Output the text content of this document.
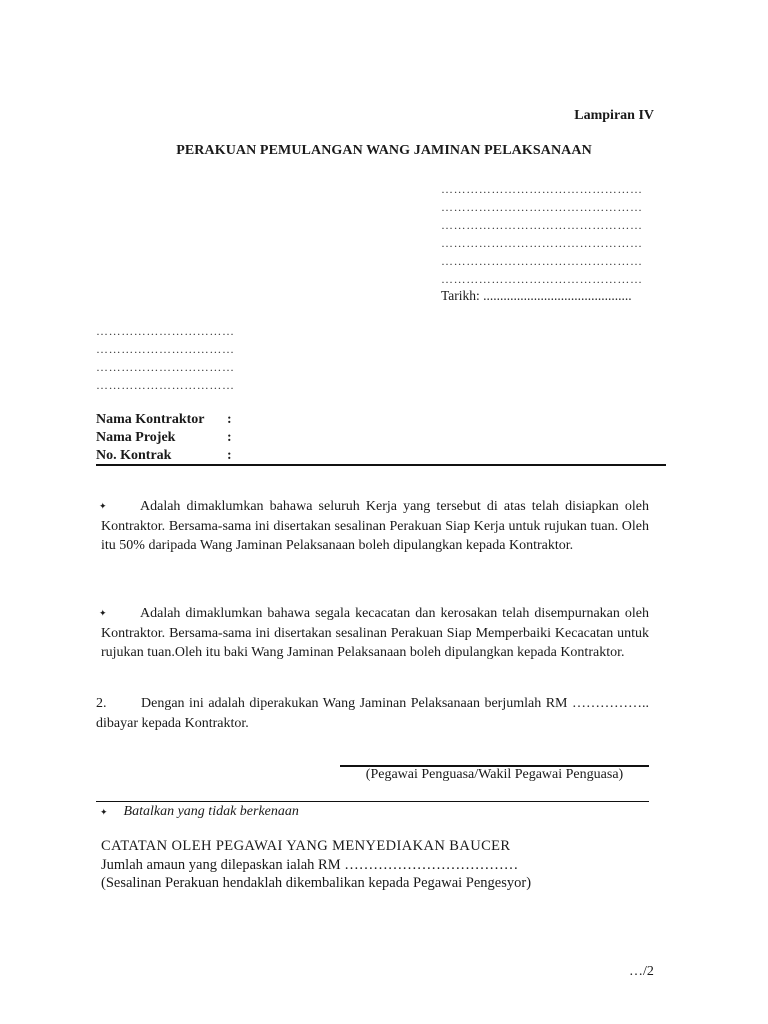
Lampiran IV
PERAKUAN PEMULANGAN WANG JAMINAN PELAKSANAAN
…………………………………………
…………………………………………
…………………………………………
…………………………………………
…………………………………………
…………………………………………
Tarikh: ............................................
……………………………
……………………………
……………………………
……………………………
Nama Kontraktor :
Nama Projek	:
No. Kontrak	:
✦ Adalah dimaklumkan bahawa seluruh Kerja yang tersebut di atas telah disiapkan oleh Kontraktor. Bersama-sama ini disertakan sesalinan Perakuan Siap Kerja untuk rujukan tuan. Oleh itu 50% daripada Wang Jaminan Pelaksanaan boleh dipulangkan kepada Kontraktor.
✦ Adalah dimaklumkan bahawa segala kecacatan dan kerosakan telah disempurnakan oleh Kontraktor. Bersama-sama ini disertakan sesalinan Perakuan Siap Memperbaiki Kecacatan untuk rujukan tuan.Oleh itu baki Wang Jaminan Pelaksanaan boleh dipulangkan kepada Kontraktor.
2. Dengan ini adalah diperakukan Wang Jaminan Pelaksanaan berjumlah RM …………….. dibayar kepada Kontraktor.
(Pegawai Penguasa/Wakil Pegawai Penguasa)
✦ Batalkan yang tidak berkenaan
CATATAN OLEH PEGAWAI YANG MENYEDIAKAN BAUCER
Jumlah amaun yang dilepaskan ialah RM ………………………………
(Sesalinan Perakuan hendaklah dikembalikan kepada Pegawai Pengesyor)
…/2
